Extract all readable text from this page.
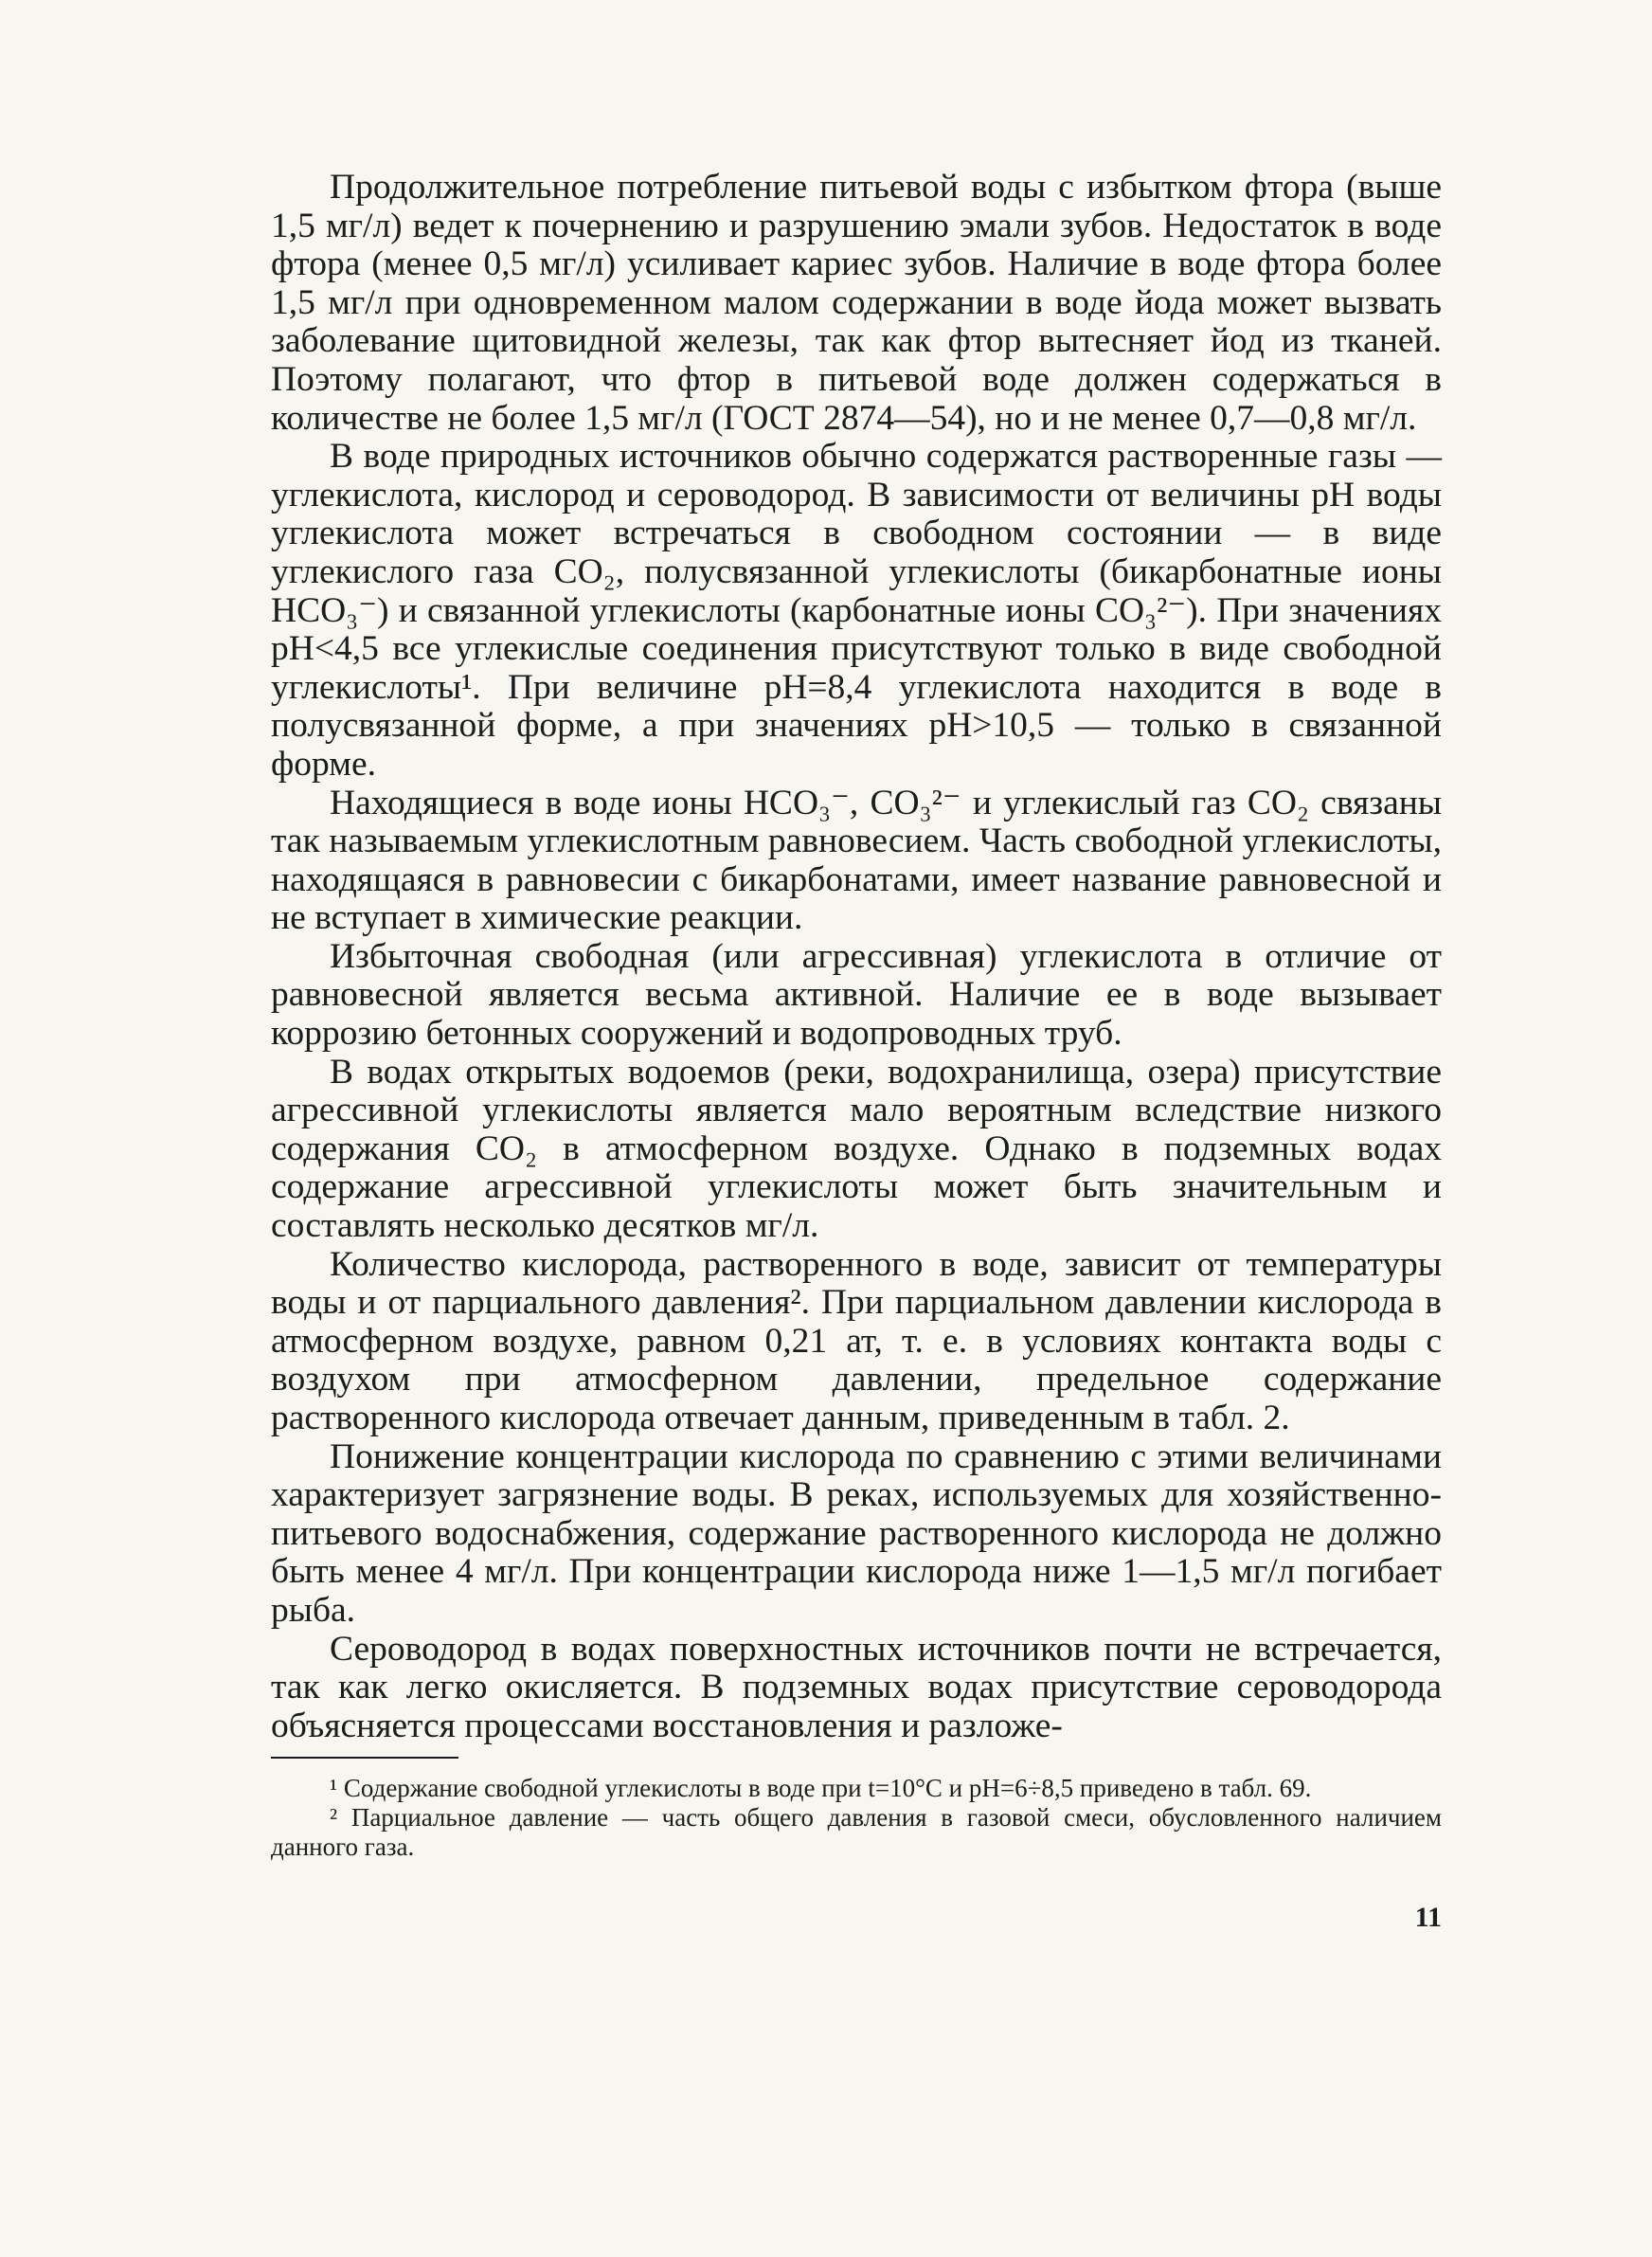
Продолжительное потребление питьевой воды с избытком фтора (выше 1,5 мг/л) ведет к почернению и разрушению эмали зубов. Недостаток в воде фтора (менее 0,5 мг/л) усиливает кариес зубов. Наличие в воде фтора более 1,5 мг/л при одновременном малом содержании в воде йода может вызвать заболевание щитовидной железы, так как фтор вытесняет йод из тканей. Поэтому полагают, что фтор в питьевой воде должен содержаться в количестве не более 1,5 мг/л (ГОСТ 2874—54), но и не менее 0,7—0,8 мг/л.

В воде природных источников обычно содержатся растворенные газы — углекислота, кислород и сероводород. В зависимости от величины pH воды углекислота может встречаться в свободном состоянии — в виде углекислого газа CO₂, полусвязанной углекислоты (бикарбонатные ионы HCO₃⁻) и связанной углекислоты (карбонатные ионы CO₃²⁻). При значениях pH<4,5 все углекислые соединения присутствуют только в виде свободной углекислоты¹. При величине pH=8,4 углекислота находится в воде в полусвязанной форме, а при значениях pH>10,5 — только в связанной форме.

Находящиеся в воде ионы HCO₃⁻, CO₃²⁻ и углекислый газ CO₂ связаны так называемым углекислотным равновесием. Часть свободной углекислоты, находящаяся в равновесии с бикарбонатами, имеет название равновесной и не вступает в химические реакции.

Избыточная свободная (или агрессивная) углекислота в отличие от равновесной является весьма активной. Наличие ее в воде вызывает коррозию бетонных сооружений и водопроводных труб.

В водах открытых водоемов (реки, водохранилища, озера) присутствие агрессивной углекислоты является мало вероятным вследствие низкого содержания CO₂ в атмосферном воздухе. Однако в подземных водах содержание агрессивной углекислоты может быть значительным и составлять несколько десятков мг/л.

Количество кислорода, растворенного в воде, зависит от температуры воды и от парциального давления². При парциальном давлении кислорода в атмосферном воздухе, равном 0,21 ат, т. е. в условиях контакта воды с воздухом при атмосферном давлении, предельное содержание растворенного кислорода отвечает данным, приведенным в табл. 2.

Понижение концентрации кислорода по сравнению с этими величинами характеризует загрязнение воды. В реках, используемых для хозяйственно-питьевого водоснабжения, содержание растворенного кислорода не должно быть менее 4 мг/л. При концентрации кислорода ниже 1—1,5 мг/л погибает рыба.

Сероводород в водах поверхностных источников почти не встречается, так как легко окисляется. В подземных водах присутствие сероводорода объясняется процессами восстановления и разложе-

¹ Содержание свободной углекислоты в воде при t=10°C и pH=6÷8,5 приведено в табл. 69.

² Парциальное давление — часть общего давления в газовой смеси, обусловленного наличием данного газа.

11
